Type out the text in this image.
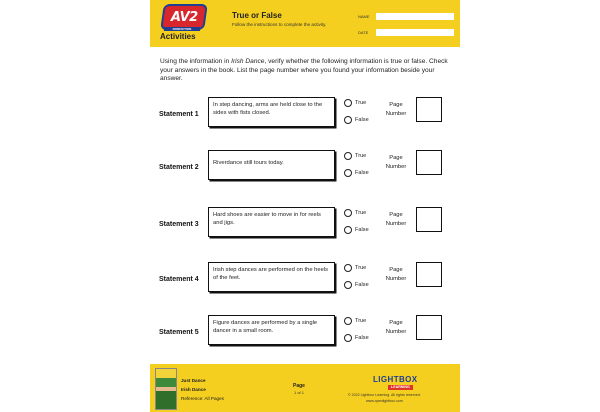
AV2
NONFICTION
Activities
True or False
Follow the instructions to complete the activity.
NAME
DATE
Using the information in Irish Dance, verify whether the following information is true or false. Check your answers in the book. List the page number where you found your information beside your answer.
Statement 1
In step dancing, arms are held close to the sides with fists closed.
True
False
Page
Number
Statement 2
Riverdance still tours today.
True
False
Page
Number
Statement 3
Hard shoes are easier to move in for reels and jigs.
True
False
Page
Number
Statement 4
Irish step dances are performed on the heels of the feet.
True
False
Page
Number
Statement 5
Figure dances are performed by a single dancer in a small room.
True
False
Page
Number
Just Dance
Irish Dance
Reference: All Pages
Page
1 of 1
LIGHTBOX
LEARNING
© 2022 Lightbox Learning. All rights reserved.
www.openlightbox.com
